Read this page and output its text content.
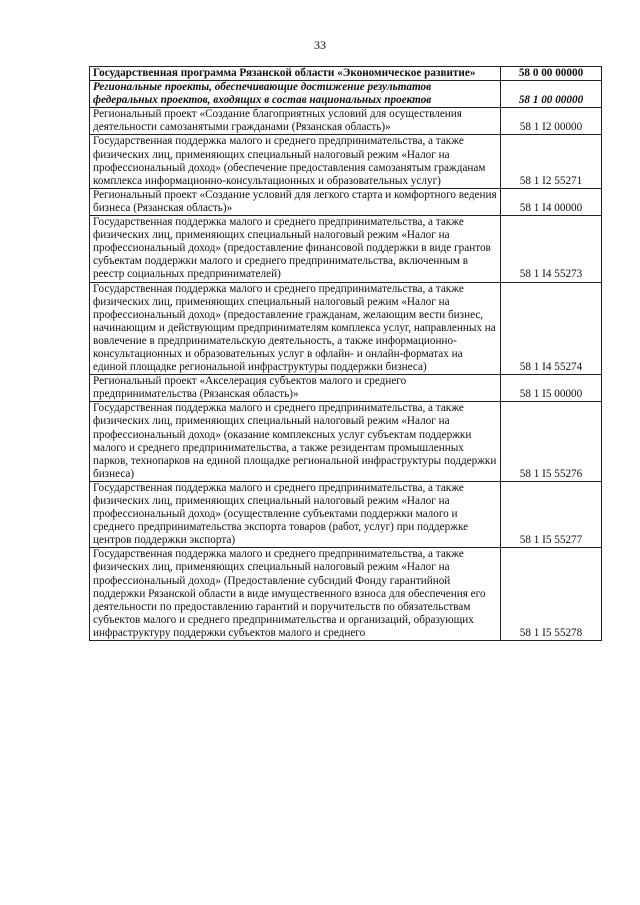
33
Государственная программа Рязанской области «Экономическое развитие»	58 0 00 00000
Региональные проекты, обеспечивающие достижение результатов федеральных проектов, входящих в состав национальных проектов	58 1 00 00000
Региональный проект «Создание благоприятных условий для осуществления деятельности самозанятыми гражданами (Рязанская область)»	58 1 I2 00000
Государственная поддержка малого и среднего предпринимательства, а также физических лиц, применяющих специальный налоговый режим «Налог на профессиональный доход» (обеспечение предоставления самозанятым гражданам комплекса информационно-консультационных и образовательных услуг)	58 1 I2 55271
Региональный проект «Создание условий для легкого старта и комфортного ведения бизнеса (Рязанская область)»	58 1 I4 00000
Государственная поддержка малого и среднего предпринимательства, а также физических лиц, применяющих специальный налоговый режим «Налог на профессиональный доход» (предоставление финансовой поддержки в виде грантов субъектам поддержки малого и среднего предпринимательства, включенным в реестр социальных предпринимателей)	58 1 I4 55273
Государственная поддержка малого и среднего предпринимательства, а также физических лиц, применяющих специальный налоговый режим «Налог на профессиональный доход» (предоставление гражданам, желающим вести бизнес, начинающим и действующим предпринимателям комплекса услуг, направленных на вовлечение в предпринимательскую деятельность, а также информационно-консультационных и образовательных услуг в офлайн- и онлайн-форматах на единой площадке региональной инфраструктуры поддержки бизнеса)	58 1 I4 55274
Региональный проект «Акселерация субъектов малого и среднего предпринимательства (Рязанская область)»	58 1 I5 00000
Государственная поддержка малого и среднего предпринимательства, а также физических лиц, применяющих специальный налоговый режим «Налог на профессиональный доход» (оказание комплексных услуг субъектам поддержки малого и среднего предпринимательства, а также резидентам промышленных парков, технопарков на единой площадке региональной инфраструктуры поддержки бизнеса)	58 1 I5 55276
Государственная поддержка малого и среднего предпринимательства, а также физических лиц, применяющих специальный налоговый режим «Налог на профессиональный доход» (осуществление субъектами поддержки малого и среднего предпринимательства экспорта товаров (работ, услуг) при поддержке центров поддержки экспорта)	58 1 I5 55277
Государственная поддержка малого и среднего предпринимательства, а также физических лиц, применяющих специальный налоговый режим «Налог на профессиональный доход» (Предоставление субсидий Фонду гарантийной поддержки Рязанской области в виде имущественного взноса для обеспечения его деятельности по предоставлению гарантий и поручительств по обязательствам субъектов малого и среднего предпринимательства и организаций, образующих инфраструктуру поддержки субъектов малого и среднего	58 1 I5 55278
